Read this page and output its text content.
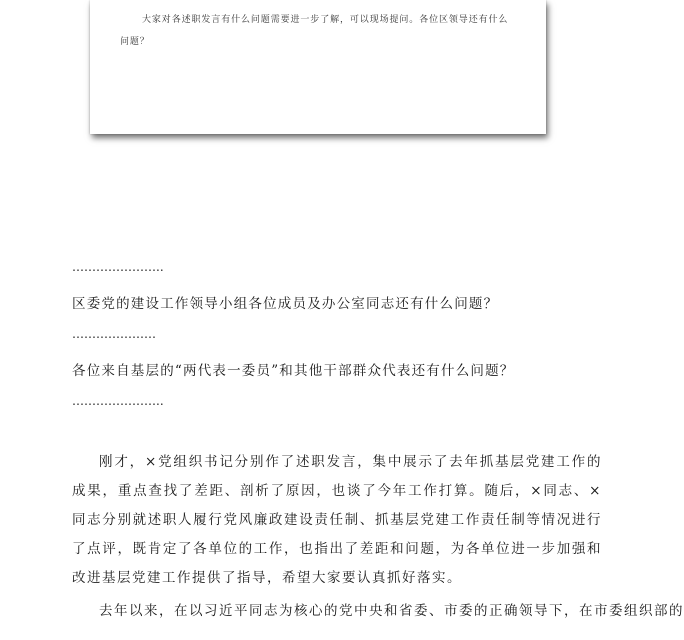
大家对各述职发言有什么问题需要进一步了解，可以现场提问。各位区领导还有什么问题？

…………………..
区委党的建设工作领导小组各位成员及办公室同志还有什么问题？
…………………
各位来自基层的“两代表一委员”和其他干部群众代表还有什么问题？
…………………..

刚才，×党组织书记分别作了述职发言，集中展示了去年抓基层党建工作的成果，重点查找了差距、剖析了原因，也谈了今年工作打算。随后，×同志、×同志分别就述职人履行党风廉政建设责任制、抓基层党建工作责任制等情况进行了点评，既肯定了各单位的工作，也指出了差距和问题，为各单位进一步加强和改进基层党建工作提供了指导，希望大家要认真抓好落实。

去年以来，在以习近平同志为核心的党中央和省委、市委的正确领导下，在市委组织部的
